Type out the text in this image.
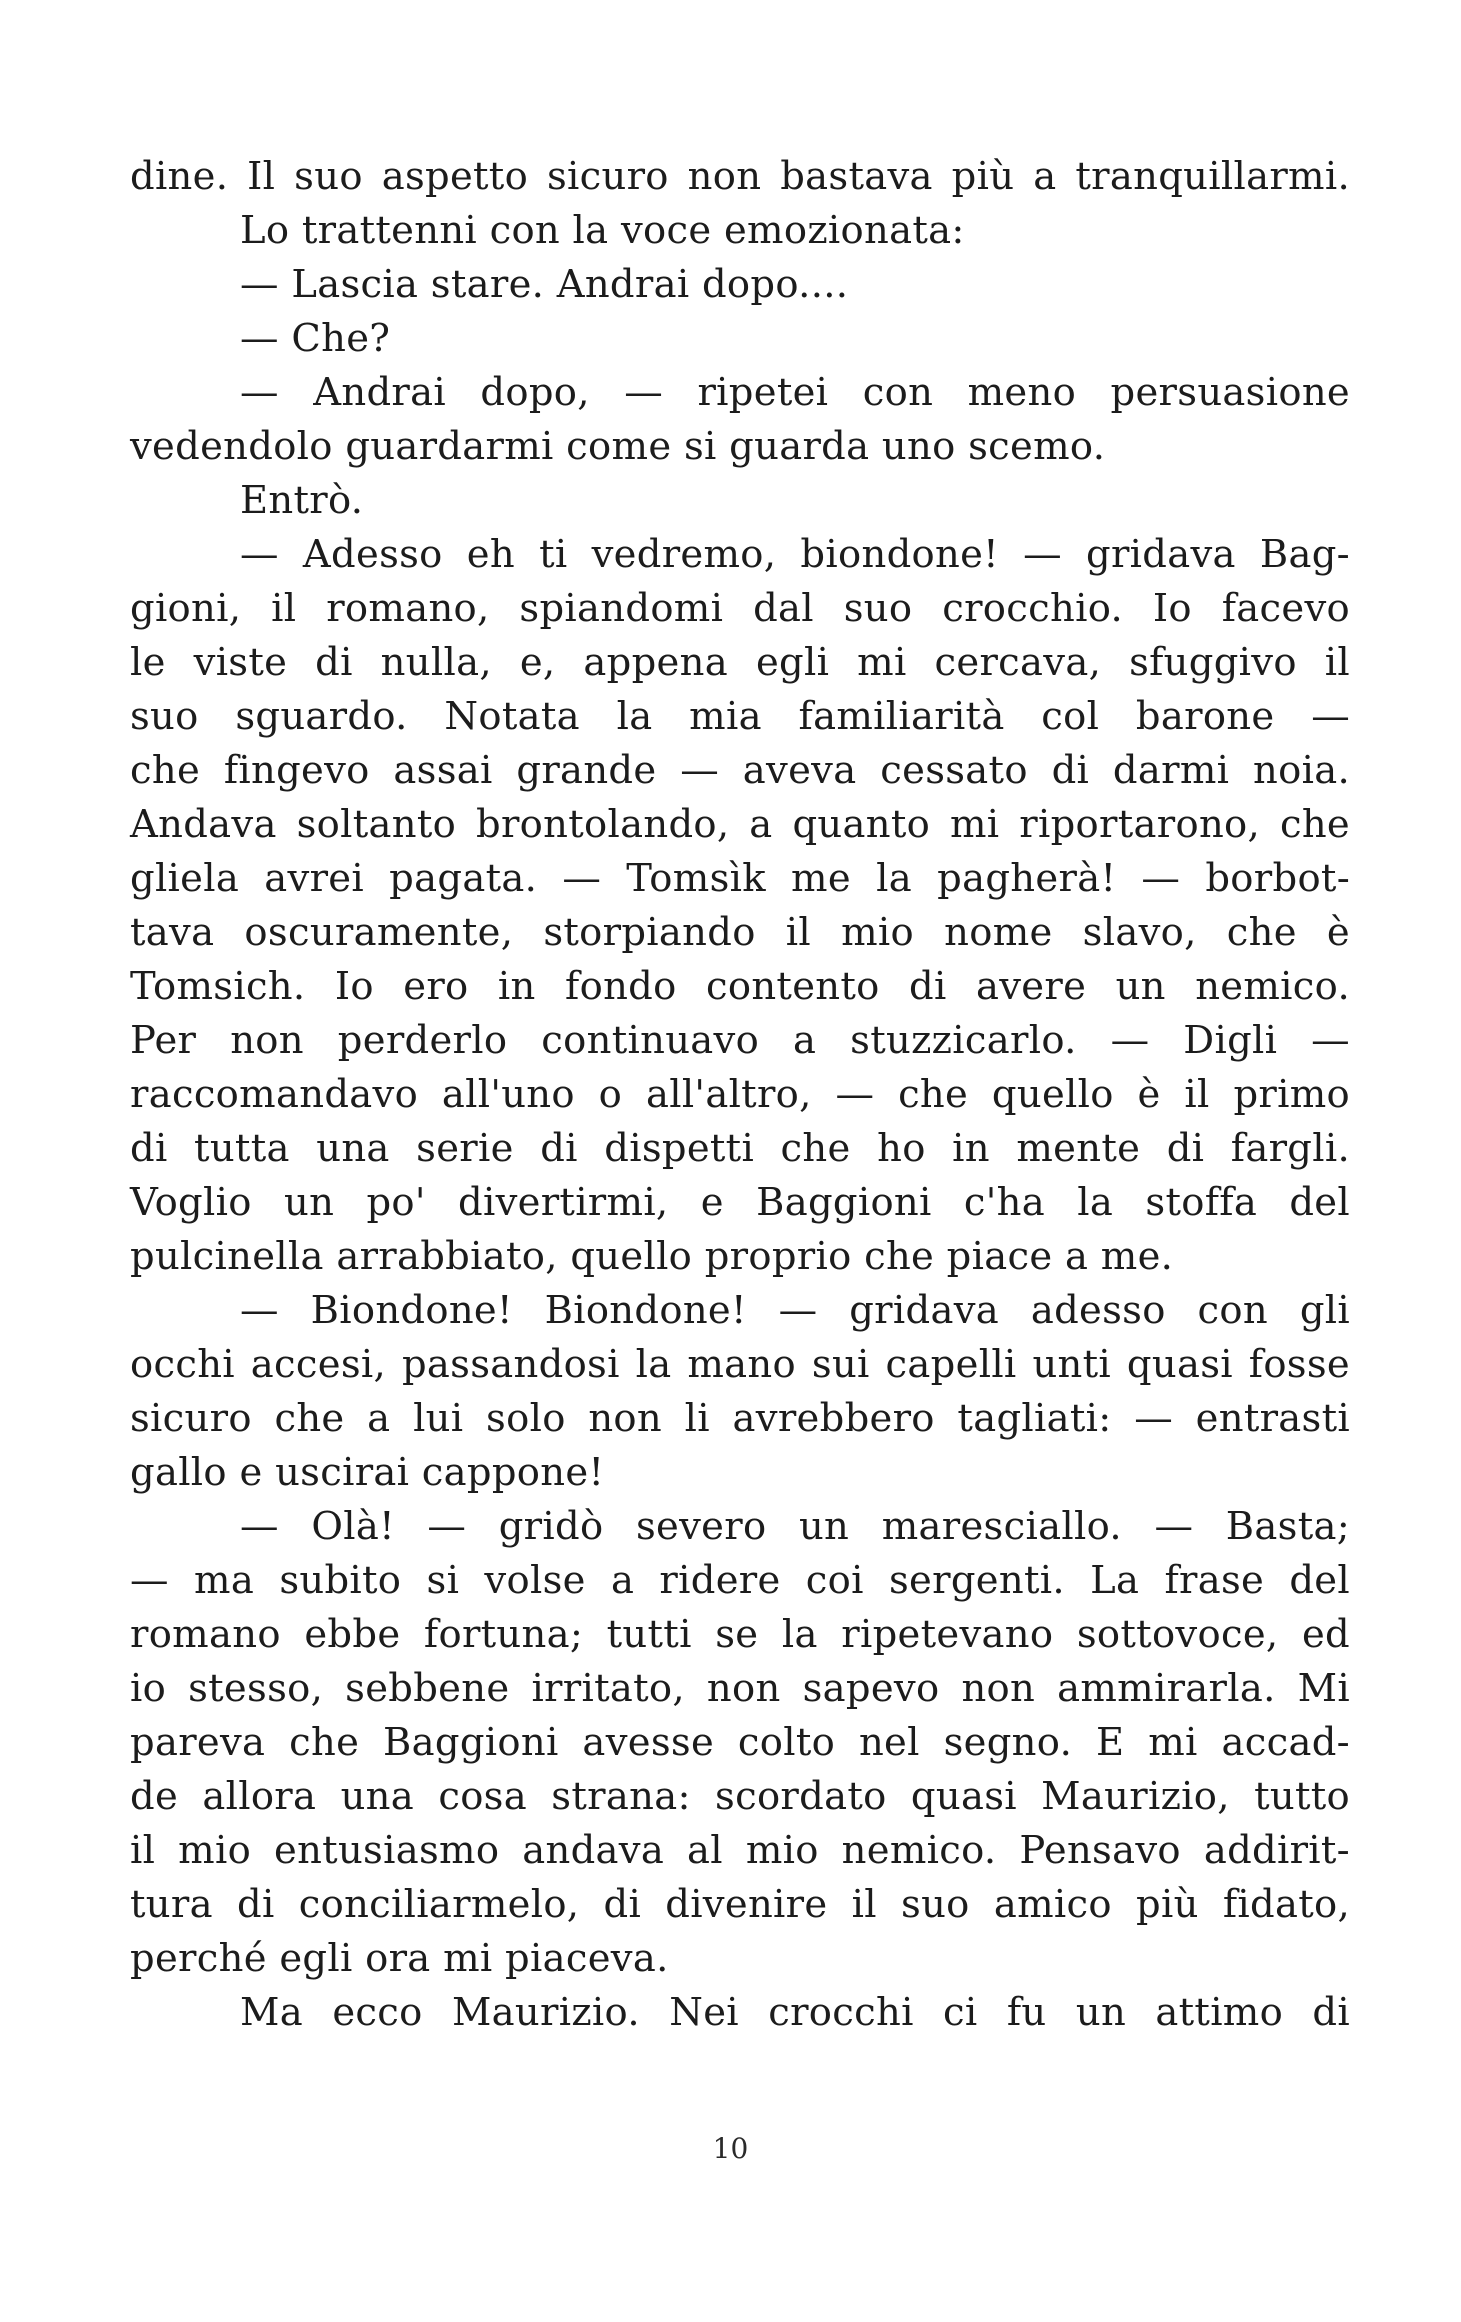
dine. Il suo aspetto sicuro non bastava più a tranquillarmi.
Lo trattenni con la voce emozionata:
— Lascia stare. Andrai dopo....
— Che?
— Andrai dopo, — ripetei con meno persuasione
vedendolo guardarmi come si guarda uno scemo.
Entrò.
— Adesso eh ti vedremo, biondone! — gridava Bag-
gioni, il romano, spiandomi dal suo crocchio. Io facevo
le viste di nulla, e, appena egli mi cercava, sfuggivo il
suo sguardo. Notata la mia familiarità col barone —
che fingevo assai grande — aveva cessato di darmi noia.
Andava soltanto brontolando, a quanto mi riportarono, che
gliela avrei pagata. — Tomsìk me la pagherà! — borbot-
tava oscuramente, storpiando il mio nome slavo, che è
Tomsich. Io ero in fondo contento di avere un nemico.
Per non perderlo continuavo a stuzzicarlo. — Digli —
raccomandavo all'uno o all'altro, — che quello è il primo
di tutta una serie di dispetti che ho in mente di fargli.
Voglio un po' divertirmi, e Baggioni c'ha la stoffa del
pulcinella arrabbiato, quello proprio che piace a me.
— Biondone! Biondone! — gridava adesso con gli
occhi accesi, passandosi la mano sui capelli unti quasi fosse
sicuro che a lui solo non li avrebbero tagliati: — entrasti
gallo e uscirai cappone!
— Olà! — gridò severo un maresciallo. — Basta;
— ma subito si volse a ridere coi sergenti. La frase del
romano ebbe fortuna; tutti se la ripetevano sottovoce, ed
io stesso, sebbene irritato, non sapevo non ammirarla. Mi
pareva che Baggioni avesse colto nel segno. E mi accad-
de allora una cosa strana: scordato quasi Maurizio, tutto
il mio entusiasmo andava al mio nemico. Pensavo addirit-
tura di conciliarmelo, di divenire il suo amico più fidato,
perché egli ora mi piaceva.
Ma ecco Maurizio. Nei crocchi ci fu un attimo di
10
